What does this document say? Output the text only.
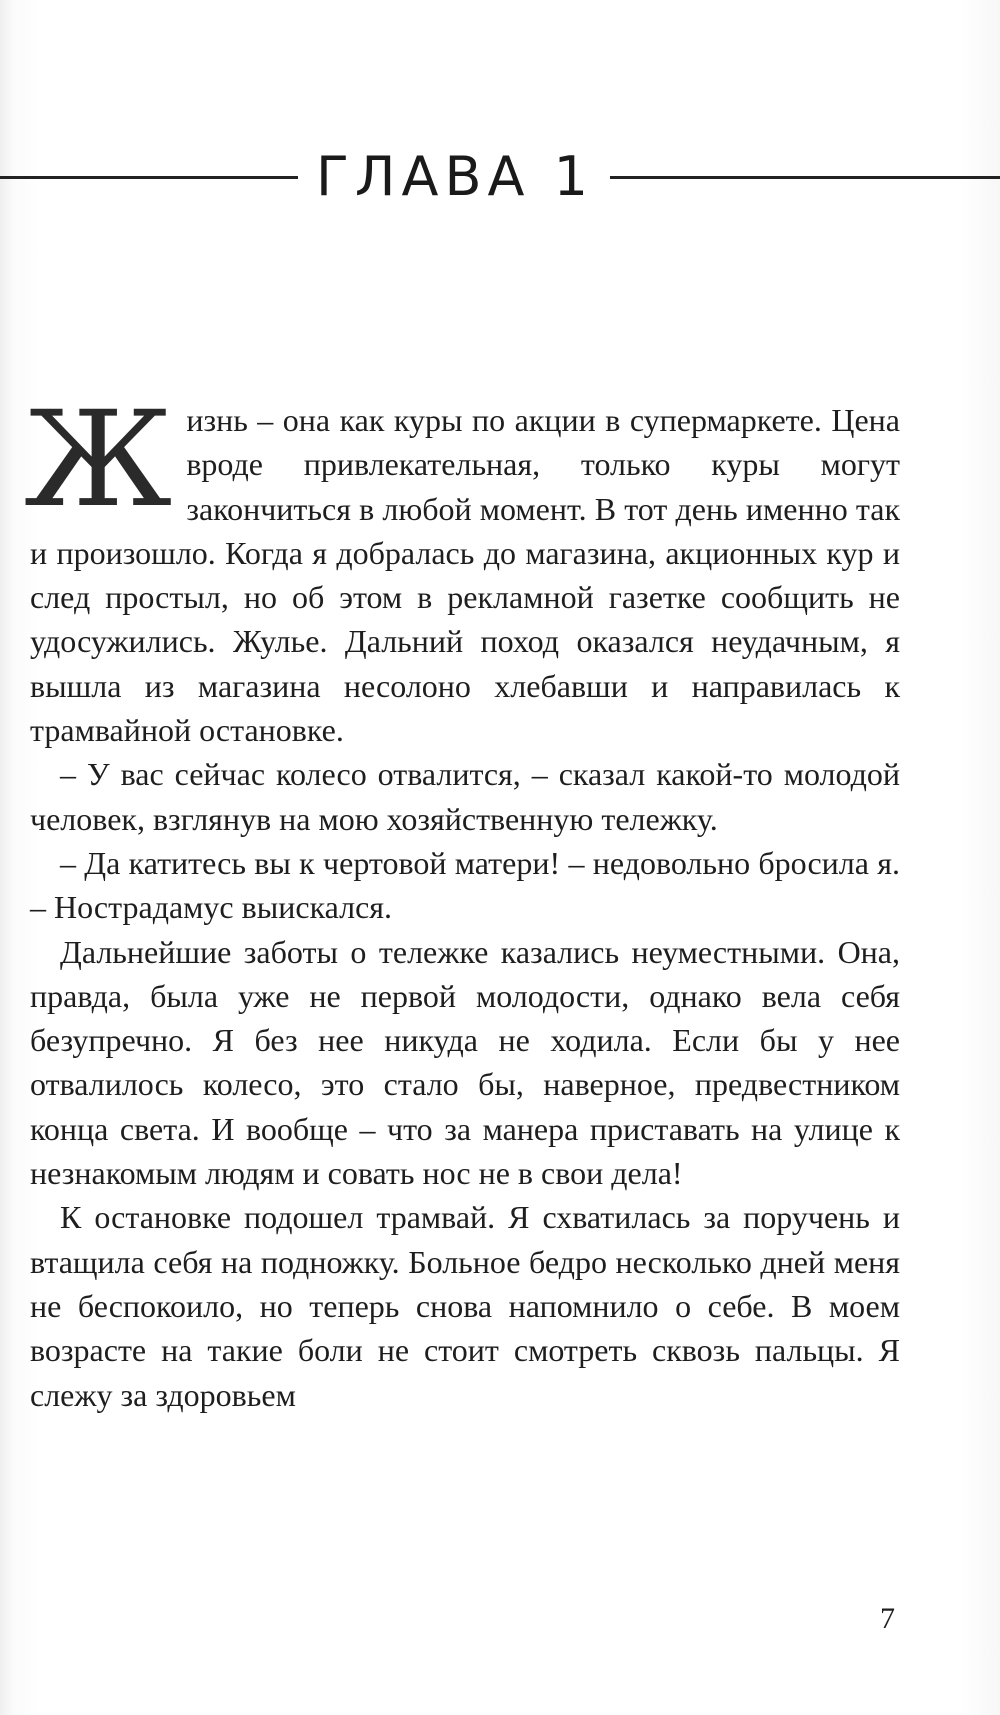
ГЛАВА 1

Жизнь – она как куры по акции в супермаркете. Цена вроде привлекательная, только куры могут закончиться в любой момент. В тот день именно так и произошло. Когда я добралась до магазина, акционных кур и след простыл, но об этом в рекламной газетке сообщить не удосужились. Жулье. Дальний поход оказался неудачным, я вышла из магазина несолоно хлебавши и направилась к трамвайной остановке.

– У вас сейчас колесо отвалится, – сказал какой-то молодой человек, взглянув на мою хозяйственную тележку.

– Да катитесь вы к чертовой матери! – недовольно бросила я. – Нострадамус выискался.

Дальнейшие заботы о тележке казались неуместными. Она, правда, была уже не первой молодости, однако вела себя безупречно. Я без нее никуда не ходила. Если бы у нее отвалилось колесо, это стало бы, наверное, предвестником конца света. И вообще – что за манера приставать на улице к незнакомым людям и совать нос не в свои дела!

К остановке подошел трамвай. Я схватилась за поручень и втащила себя на подножку. Больное бедро несколько дней меня не беспокоило, но теперь снова напомнило о себе. В моем возрасте на такие боли не стоит смотреть сквозь пальцы. Я слежу за здоровьем

7
